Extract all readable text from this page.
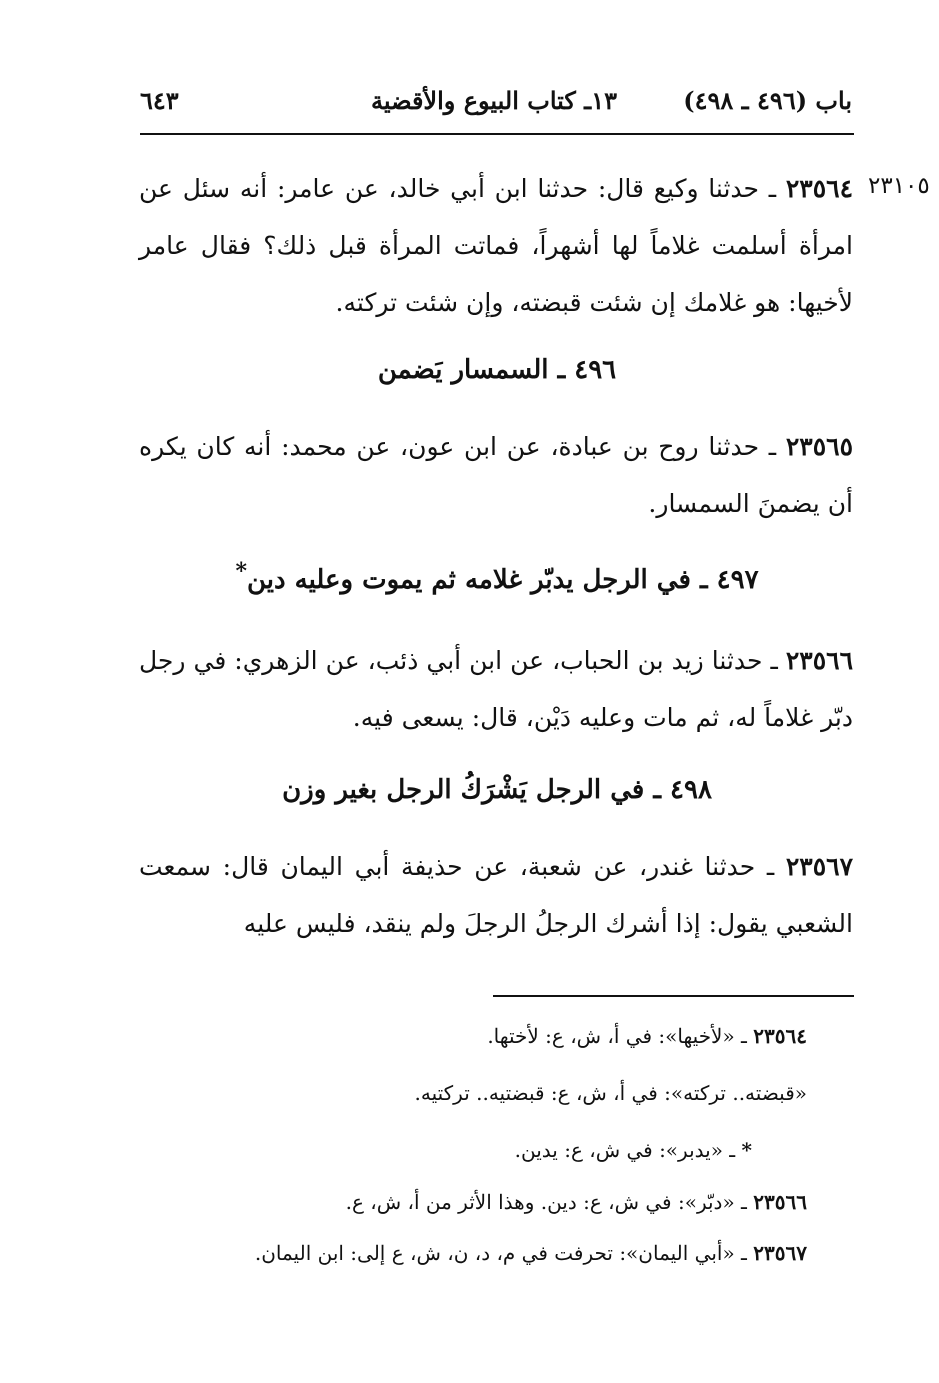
باب (٤٩٦ ـ ٤٩٨)
١٣ـ كتاب البيوع والأقضية
٦٤٣
٢٣١٠٥
٢٣٥٦٤ ـ حدثنا وكيع قال: حدثنا ابن أبي خالد، عن عامر: أنه سئل عن امرأة أسلمت غلاماً لها أشهراً، فماتت المرأة قبل ذلك؟ فقال عامر لأخيها: هو غلامك إن شئت قبضته، وإن شئت تركته.
٤٩٦ ـ السمسار يَضمن
٢٣٥٦٥ ـ حدثنا روح بن عبادة، عن ابن عون، عن محمد: أنه كان يكره أن يضمنَ السمسار.
٤٩٧ ـ في الرجل يدبّر غلامه ثم يموت وعليه دين*
٢٣٥٦٦ ـ حدثنا زيد بن الحباب، عن ابن أبي ذئب، عن الزهري: في رجل دبّر غلاماً له، ثم مات وعليه دَيْن، قال: يسعى فيه.
٤٩٨ ـ في الرجل يَشْرَكُ الرجل بغير وزن
٢٣٥٦٧ ـ حدثنا غندر، عن شعبة، عن حذيفة أبي اليمان قال: سمعت الشعبي يقول: إذا أشرك الرجلُ الرجلَ ولم ينقد، فليس عليه
٢٣٥٦٤ ـ «لأخيها»: في أ، ش، ع: لأختها.
«قبضته.. تركته»: في أ، ش، ع: قبضتيه.. تركتيه.
* ـ «يدبر»: في ش، ع: يدين.
٢٣٥٦٦ ـ «دبّر»: في ش، ع: دين. وهذا الأثر من أ، ش، ع.
٢٣٥٦٧ ـ «أبي اليمان»: تحرفت في م، د، ن، ش، ع إلى: ابن اليمان.
